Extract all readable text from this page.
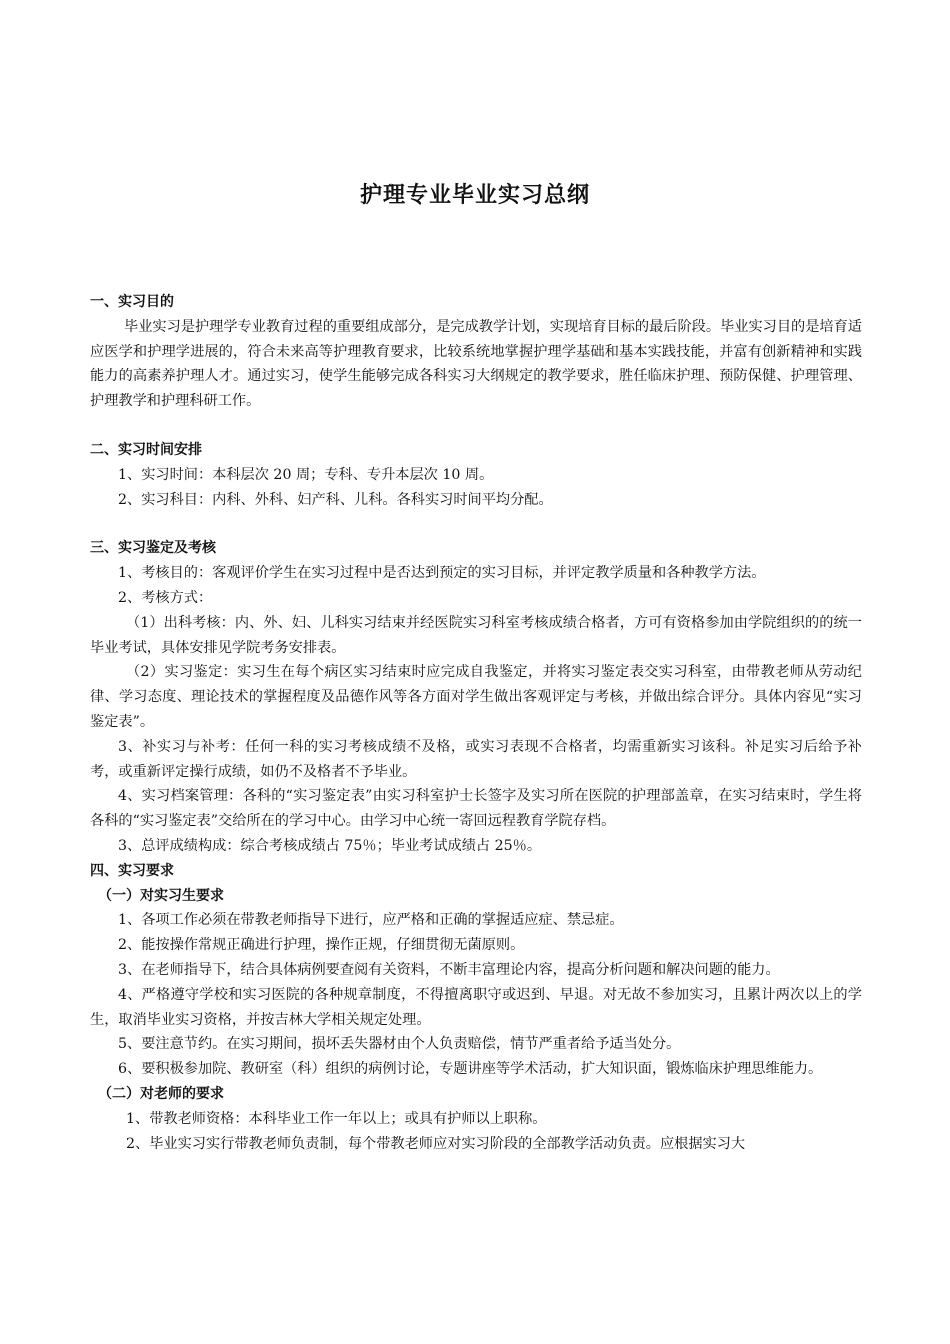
护理专业毕业实习总纲
一、实习目的
毕业实习是护理学专业教育过程的重要组成部分，是完成教学计划，实现培育目标的最后阶段。毕业实习目的是培育适应医学和护理学进展的，符合未来高等护理教育要求，比较系统地掌握护理学基础和基本实践技能，并富有创新精神和实践能力的高素养护理人才。通过实习，使学生能够完成各科实习大纲规定的教学要求，胜任临床护理、预防保健、护理管理、护理教学和护理科研工作。
二、实习时间安排
1、实习时间：本科层次 20 周；专科、专升本层次 10 周。
2、实习科目：内科、外科、妇产科、儿科。各科实习时间平均分配。
三、实习鉴定及考核
1、考核目的：客观评价学生在实习过程中是否达到预定的实习目标，并评定教学质量和各种教学方法。
2、考核方式：
（1）出科考核：内、外、妇、儿科实习结束并经医院实习科室考核成绩合格者，方可有资格参加由学院组织的的统一毕业考试，具体安排见学院考务安排表。
（2）实习鉴定：实习生在每个病区实习结束时应完成自我鉴定，并将实习鉴定表交实习科室，由带教老师从劳动纪律、学习态度、理论技术的掌握程度及品德作风等各方面对学生做出客观评定与考核，并做出综合评分。具体内容见“实习鉴定表”。
3、补实习与补考：任何一科的实习考核成绩不及格，或实习表现不合格者，均需重新实习该科。补足实习后给予补考，或重新评定操行成绩，如仍不及格者不予毕业。
4、实习档案管理：各科的“实习鉴定表”由实习科室护士长签字及实习所在医院的护理部盖章，在实习结束时，学生将各科的“实习鉴定表”交给所在的学习中心。由学习中心统一寄回远程教育学院存档。
3、总评成绩构成：综合考核成绩占 75％；毕业考试成绩占 25％。
四、实习要求
（一）对实习生要求
1、各项工作必须在带教老师指导下进行，应严格和正确的掌握适应症、禁忌症。
2、能按操作常规正确进行护理，操作正规，仔细贯彻无菌原则。
3、在老师指导下，结合具体病例要查阅有关资料，不断丰富理论内容，提高分析问题和解决问题的能力。
4、严格遵守学校和实习医院的各种规章制度，不得擅离职守或迟到、早退。对无故不参加实习，且累计两次以上的学生，取消毕业实习资格，并按吉林大学相关规定处理。
5、要注意节约。在实习期间，损坏丢失器材由个人负责赔偿，情节严重者给予适当处分。
6、要积极参加院、教研室（科）组织的病例讨论，专题讲座等学术活动，扩大知识面，锻炼临床护理思维能力。
（二）对老师的要求
1、带教老师资格：本科毕业工作一年以上；或具有护师以上职称。
2、毕业实习实行带教老师负责制，每个带教老师应对实习阶段的全部教学活动负责。应根据实习大
